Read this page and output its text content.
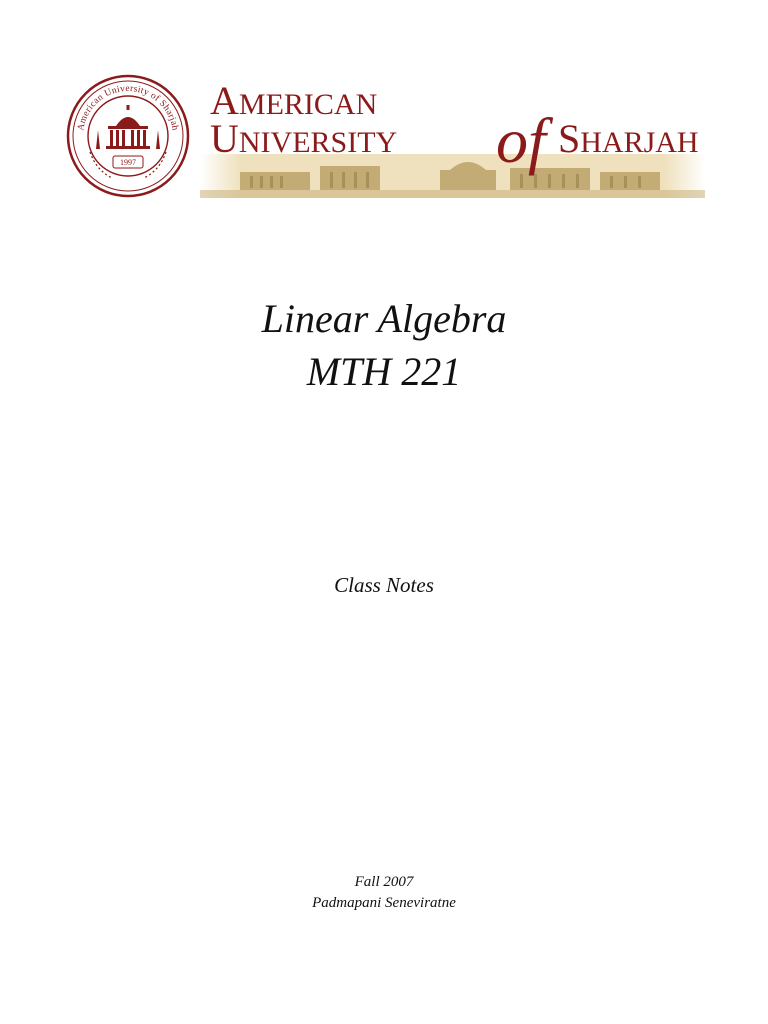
American University of Sharjah
1997
AMERICAN
UNIVERSITY of SHARJAH
Linear Algebra
MTH 221
Class Notes
Fall 2007
Padmapani Seneviratne
